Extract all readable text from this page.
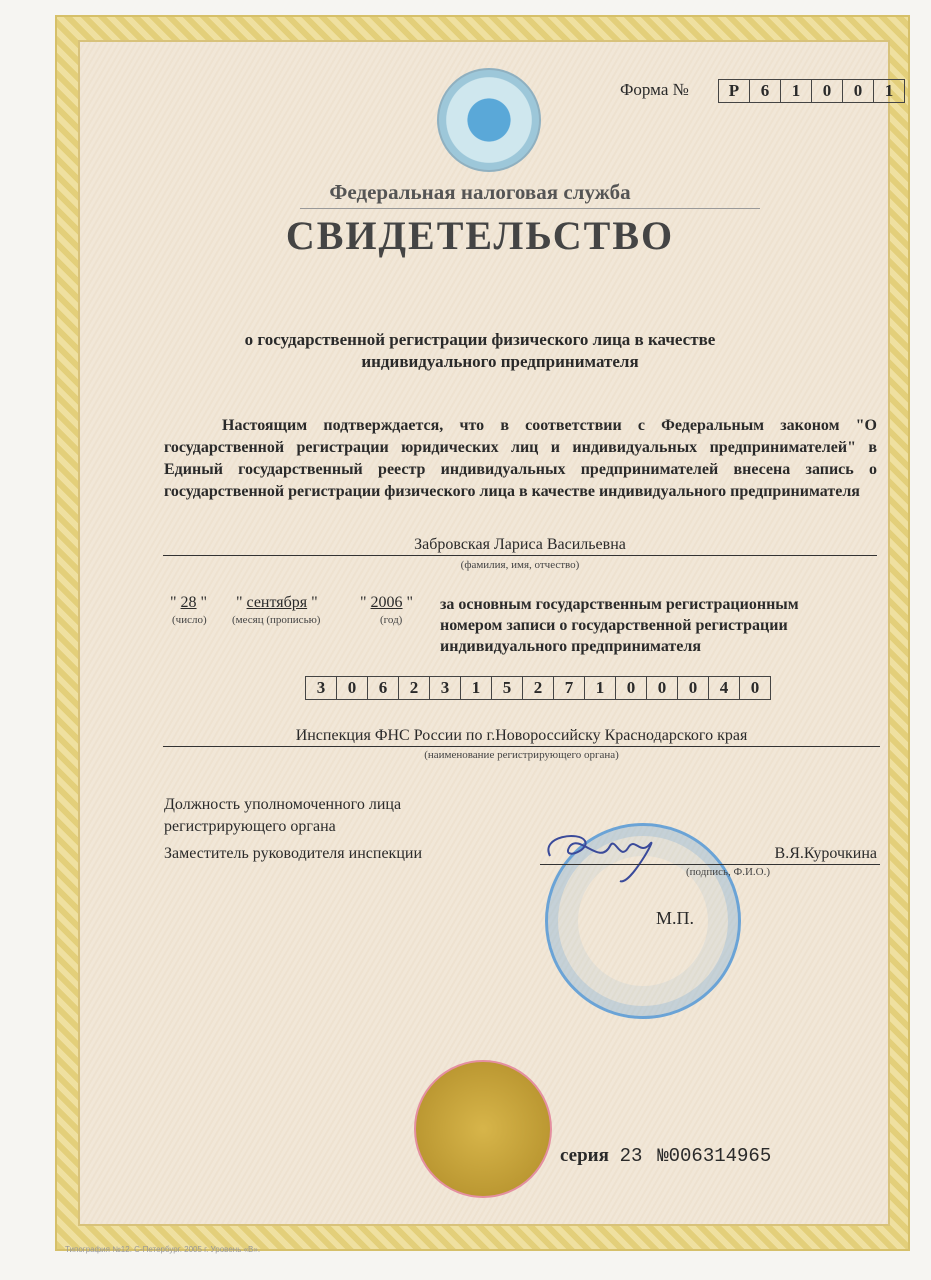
Форма №	Р 6 1 0 0 1
Федеральная налоговая служба
СВИДЕТЕЛЬСТВО
о государственной регистрации физического лица в качестве
индивидуального предпринимателя

Настоящим подтверждается, что в соответствии с Федеральным законом "О государственной регистрации юридических лиц и индивидуальных предпринимателей" в Единый государственный реестр индивидуальных предпринимателей внесена запись о государственной регистрации физического лица в качестве индивидуального предпринимателя

Забровская Лариса Васильевна
(фамилия, имя, отчество)
" 28 " " сентября "	" 2006 "
(число) (месяц (прописью)	(год)
за основным государственным регистрационным
номером записи о государственной регистрации
индивидуального предпринимателя
3 0 6 2 3 1 5 2 7 1 0 0 0 4 0
Инспекция ФНС России по г.Новороссийску Краснодарского края
(наименование регистрирующего органа)
Должность уполномоченного лица
регистрирующего органа
Заместитель руководителя инспекции	В.Я.Курочкина
(подпись, Ф.И.О.)
М.П.
серия 23 №006314965
Типография №12. С-Петербург. 2005 г. Уровень «В».
